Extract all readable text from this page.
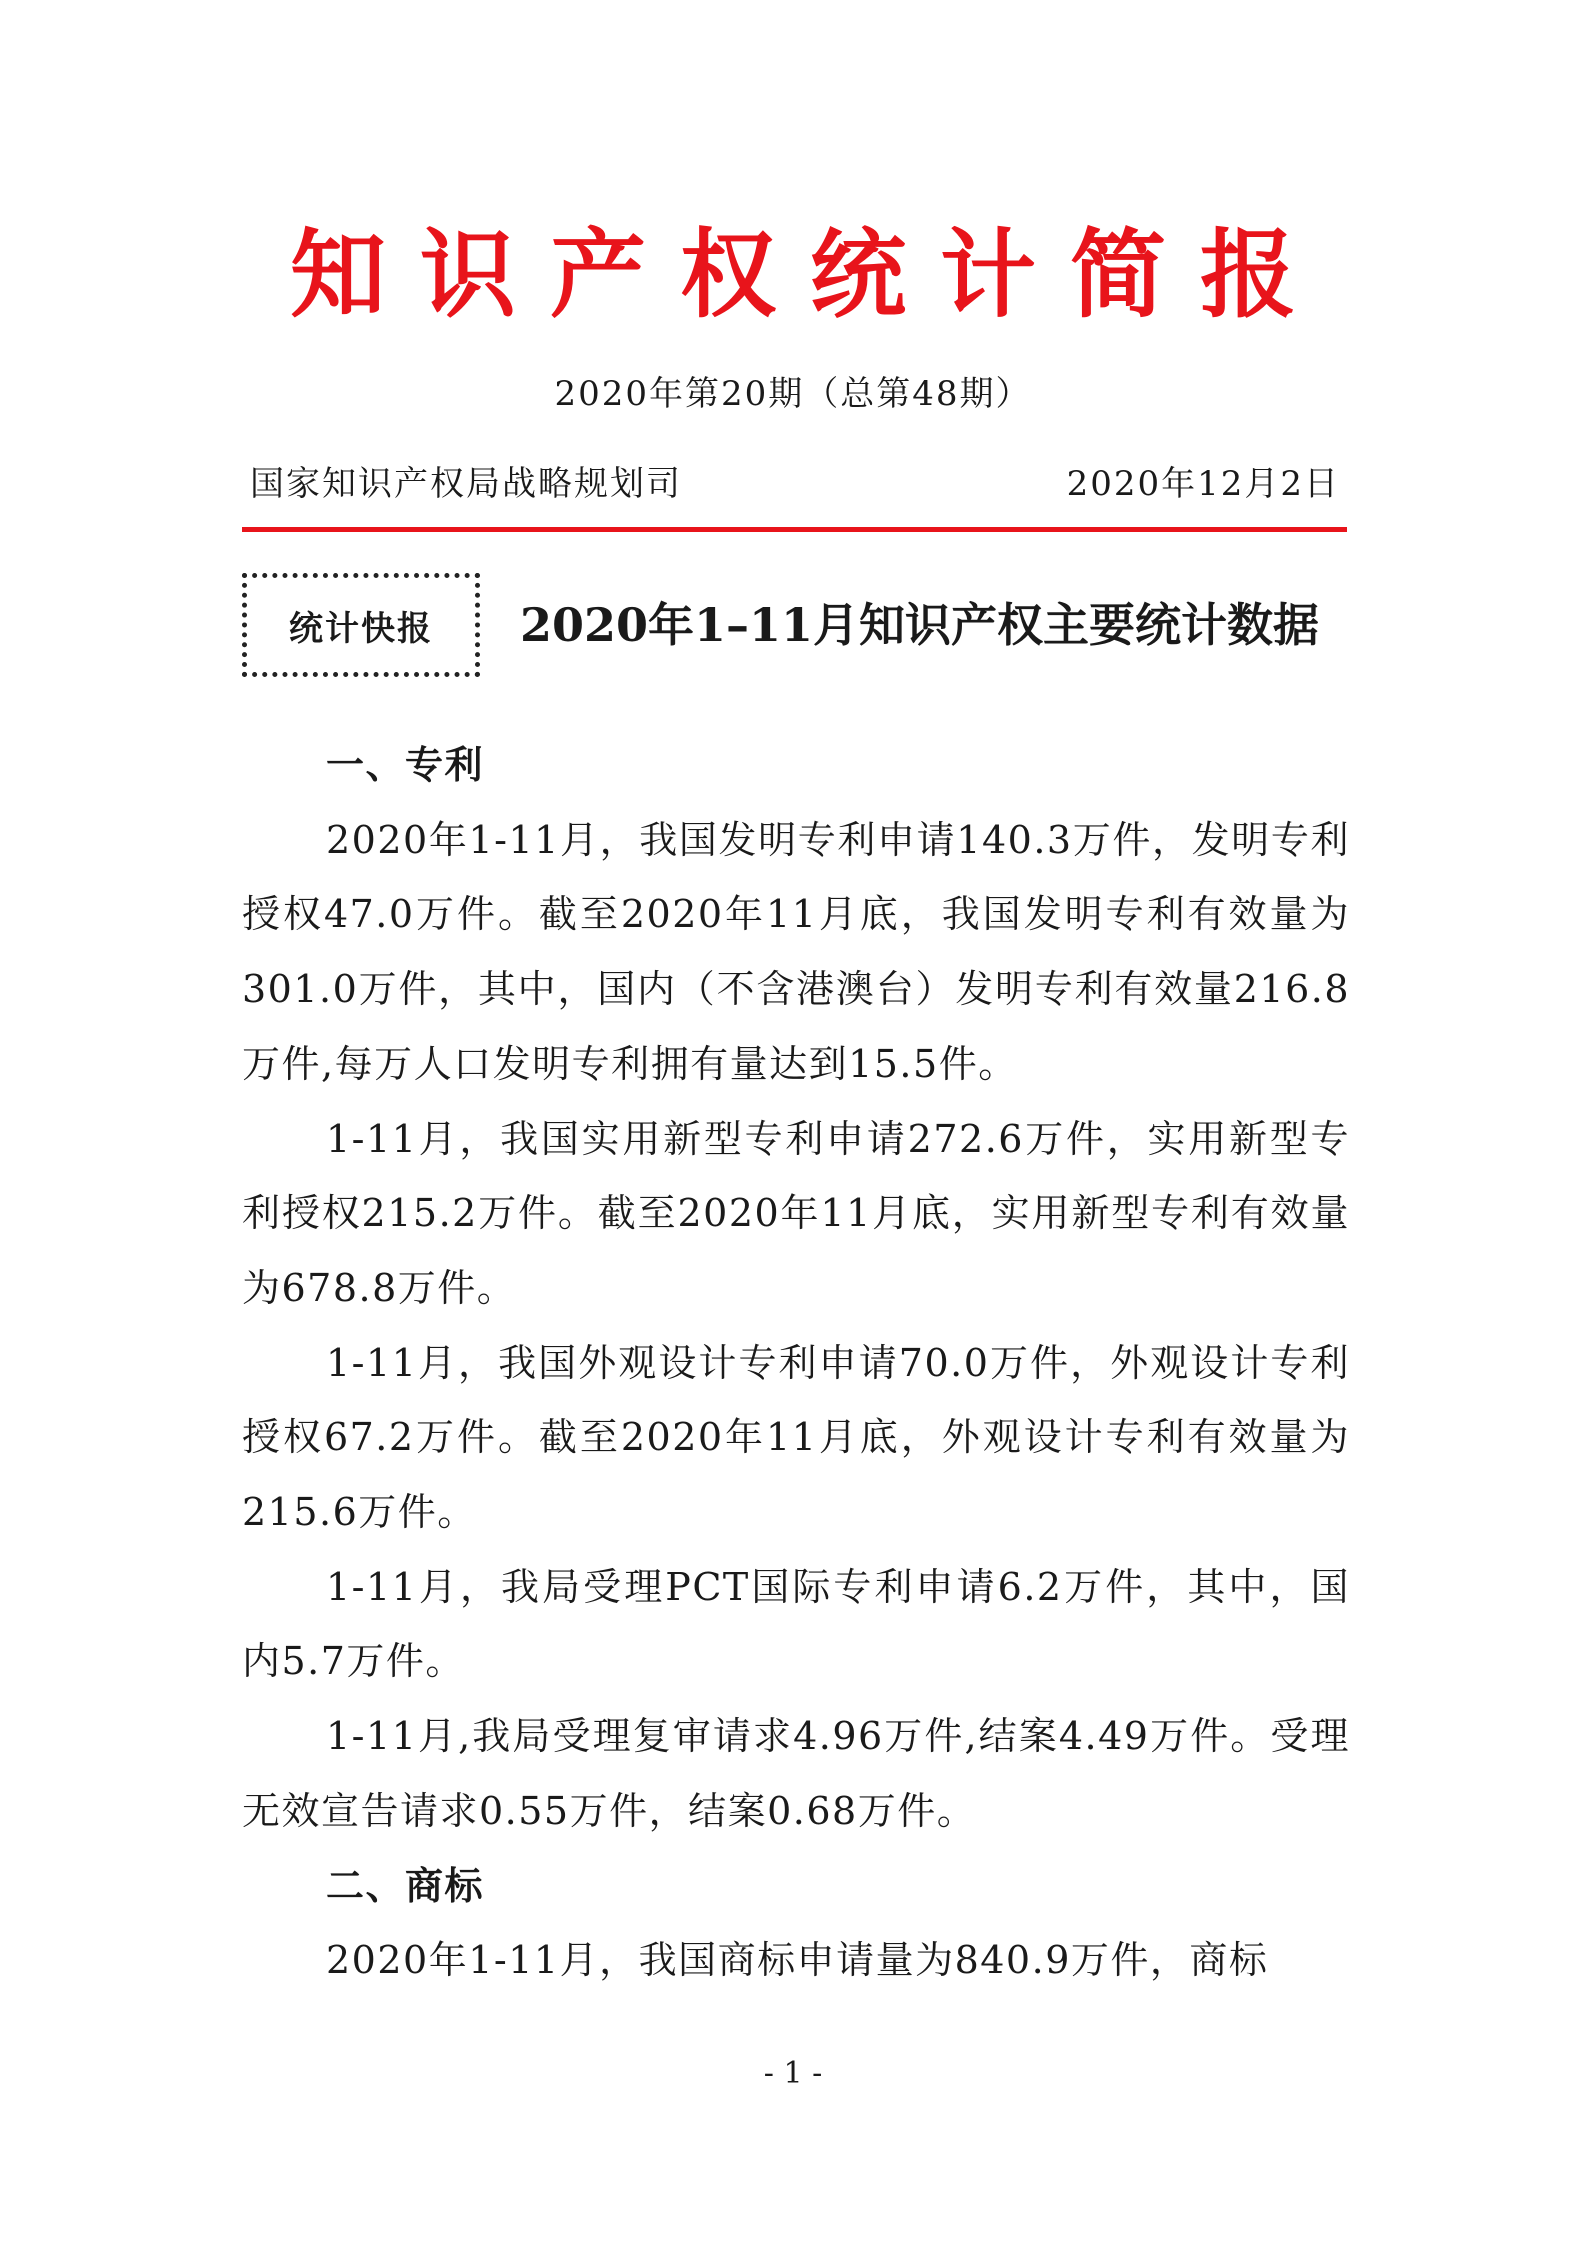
知识产权统计简报
2020年第20期（总第48期）
国家知识产权局战略规划司	2020年12月2日
统计快报 2020年1–11月知识产权主要统计数据
一、专利

2020年1-11月，我国发明专利申请140.3万件，发明专利授权47.0万件。截至2020年11月底，我国发明专利有效量为301.0万件，其中，国内（不含港澳台）发明专利有效量216.8万件,每万人口发明专利拥有量达到15.5件。

1-11月，我国实用新型专利申请272.6万件，实用新型专利授权215.2万件。截至2020年11月底，实用新型专利有效量为678.8万件。

1-11月，我国外观设计专利申请70.0万件，外观设计专利授权67.2万件。截至2020年11月底，外观设计专利有效量为215.6万件。

1-11月，我局受理PCT国际专利申请6.2万件，其中，国内5.7万件。

1-11月,我局受理复审请求4.96万件,结案4.49万件。受理无效宣告请求0.55万件，结案0.68万件。

二、商标

2020年1-11月，我国商标申请量为840.9万件，商标

- 1 -
